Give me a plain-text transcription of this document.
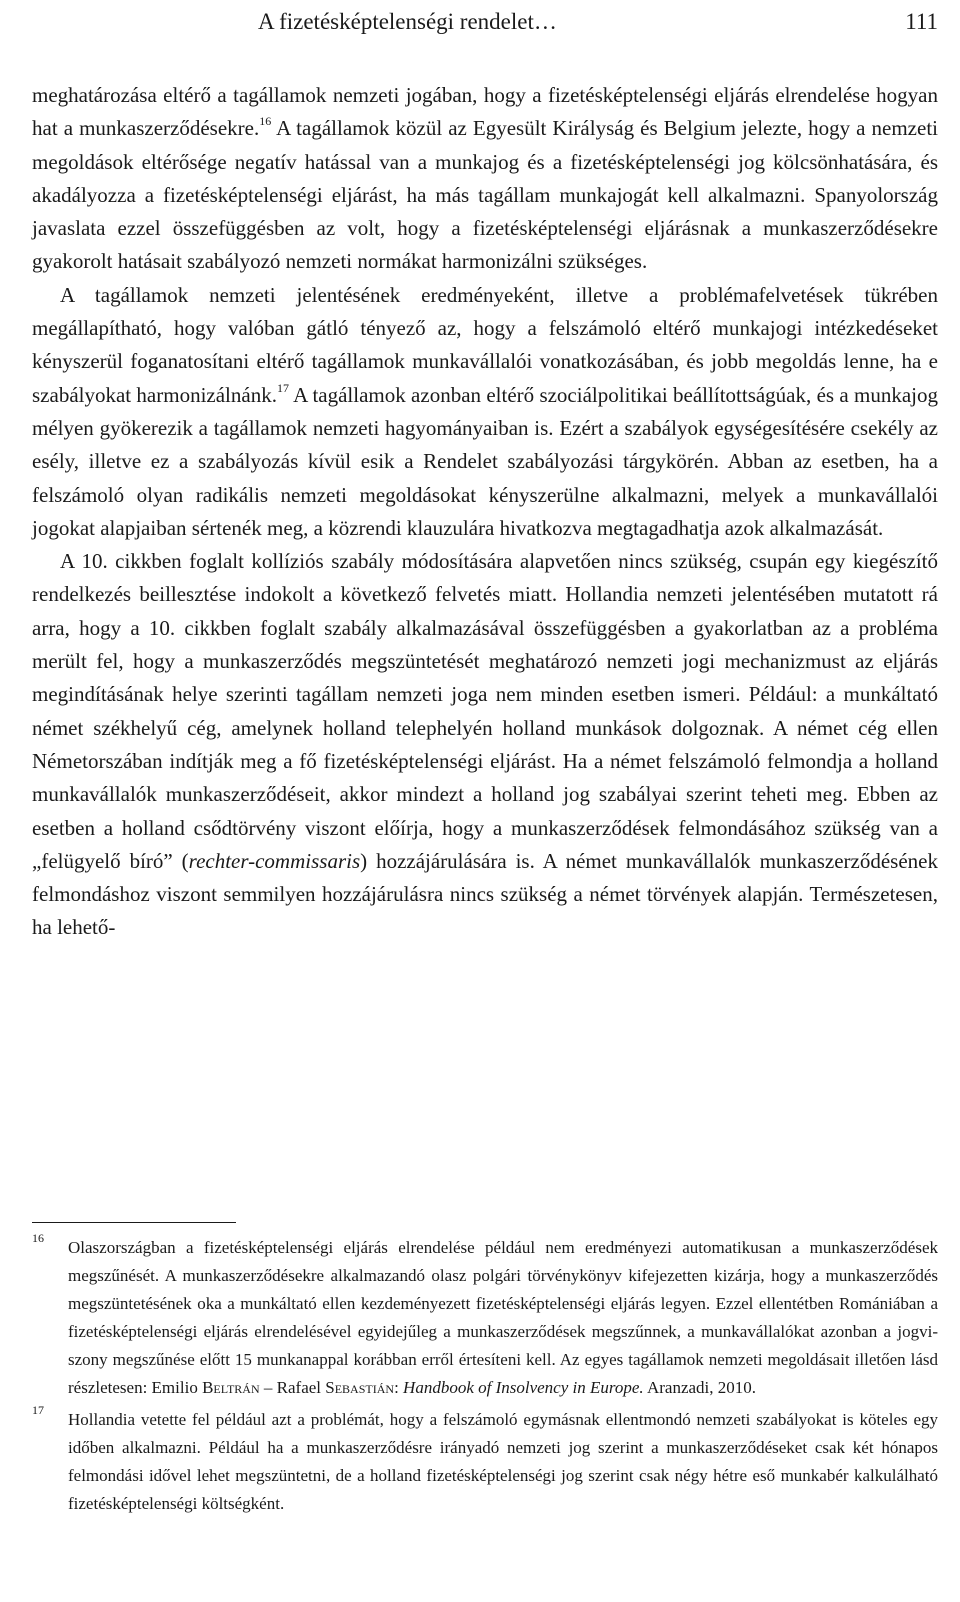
A fizetésképtelenségi rendelet…	111

meghatározása eltérő a tagállamok nemzeti jogában, hogy a fizetésképtelenségi eljárás elrendelése hogyan hat a munkaszerződésekre.$^{16}$ A tagállamok közül az Egyesült Királyság és Belgium jelezte, hogy a nemzeti megoldások eltérősége negatív hatással van a munkajog és a fizetésképtelenségi jog kölcsönhatására, és akadályozza a fizetésképtelenségi eljárást, ha más tagállam munkajogát kell alkalmazni. Spanyolország javaslata ezzel összefüggésben az volt, hogy a fizetésképtelenségi eljárásnak a munkaszerződésekre gyakorolt hatásait szabályozó nemzeti normákat harmonizálni szükséges.

A tagállamok nemzeti jelentésének eredményeként, illetve a problémafelvetések tükrében megállapítható, hogy valóban gátló tényező az, hogy a felszámoló eltérő munkajogi intézkedéseket kényszerül foganatosítani eltérő tagállamok munkavállalói vonatkozásában, és jobb megoldás lenne, ha e szabályokat harmonizálnánk.$^{17}$ A tagállamok azonban eltérő szociálpolitikai beállítottságúak, és a munkajog mélyen gyökerezik a tagállamok nemzeti hagyományaiban is. Ezért a szabályok egységesítésére csekély az esély, illetve ez a szabályozás kívül esik a Rendelet szabályozási tárgykörén. Abban az esetben, ha a felszámoló olyan radikális nemzeti megoldásokat kényszerülne alkalmazni, melyek a munkavállalói jogokat alapjaiban sértenék meg, a közrendi klauzulára hivatkozva megtagadhatja azok alkalmazását.

A 10. cikkben foglalt kollíziós szabály módosítására alapvetően nincs szükség, csupán egy kiegészítő rendelkezés beillesztése indokolt a következő felvetés miatt. Hollandia nemzeti jelentésében mutatott rá arra, hogy a 10. cikkben foglalt szabály alkalmazásával összefüggésben a gyakorlatban az a probléma merült fel, hogy a munkaszerződés megszüntetését meghatározó nemzeti jogi mechanizmust az eljárás megindításának helye szerinti tagállam nemzeti joga nem minden esetben ismeri. Például: a munkáltató német székhelyű cég, amelynek holland telephelyén holland munkások dolgoznak. A német cég ellen Németorszában indítják meg a fő fizetésképtelenségi eljárást. Ha a német felszámoló felmondja a holland munkavállalók munkaszerződéseit, akkor mindezt a holland jog szabályai szerint teheti meg. Ebben az esetben a holland csődtörvény viszont előírja, hogy a munkaszerződések felmondásához szükség van a „felügyelő bíró” (rechter-commissaris) hozzájárulására is. A német munkavállalók munkaszerződésének felmondáshoz viszont semmilyen hozzájárulásra nincs szükség a német törvények alapján. Természetesen, ha lehető-

16 Olaszországban a fizetésképtelenségi eljárás elrendelése például nem eredményezi automatikusan a munkaszerződések megszűnését. A munkaszerződésekre alkalmazandó olasz polgári törvénykönyv kifejezetten kizárja, hogy a munkaszerződés megszüntetésének oka a munkáltató ellen kezdeményezett fizetésképtelenségi eljárás legyen. Ezzel ellentétben Romániában a fizetésképtelenségi eljárás elrendelésével egyidejűleg a munkaszerződések megszűnnek, a munkavállalókat azonban a jogviszony megszűnése előtt 15 munkanappal korábban erről értesíteni kell. Az egyes tagállamok nemzeti megoldásait illetően lásd részletesen: Emilio Beltrán – Rafael Sebastián: Handbook of Insolvency in Europe. Aranzadi, 2010.

17 Hollandia vetette fel például azt a problémát, hogy a felszámoló egymásnak ellentmondó nemzeti szabályokat is köteles egy időben alkalmazni. Például ha a munkaszerződésre irányadó nemzeti jog szerint a munkaszerződéseket csak két hónapos felmondási idővel lehet megszüntetni, de a holland fizetésképtelenségi jog szerint csak négy hétre eső munkabér kalkulálható fizetésképtelenségi költségként.
